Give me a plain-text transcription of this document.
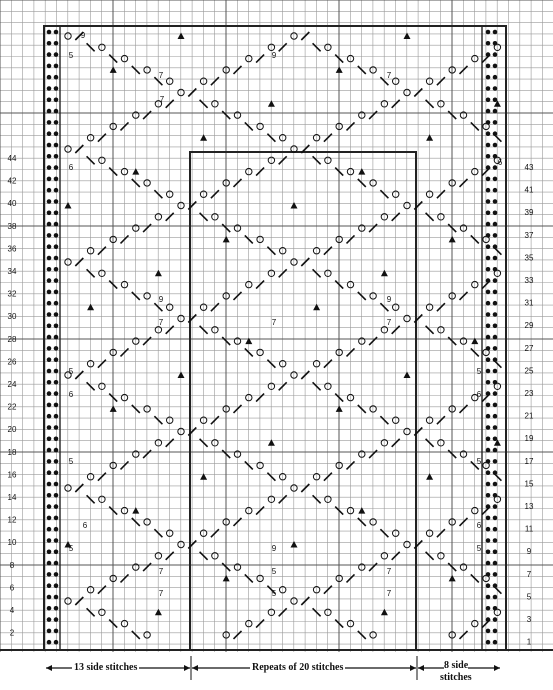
44
42
40
38
36
34
32
30
28
26
24
22
20
18
16
14
12
10
8
6
4
2
43
41
39
37
35
33
31
29
27
25
23
21
19
17
15
13
11
9
7
5
3
1
9
5	9
7	7
7
6
6
9	9
7	7	7
5	5
6	6
5	5
6	6
5	9	5
7	5	7
7	5	7
13 side stitches	Repeats of 20 stitches	8 side
stitches
